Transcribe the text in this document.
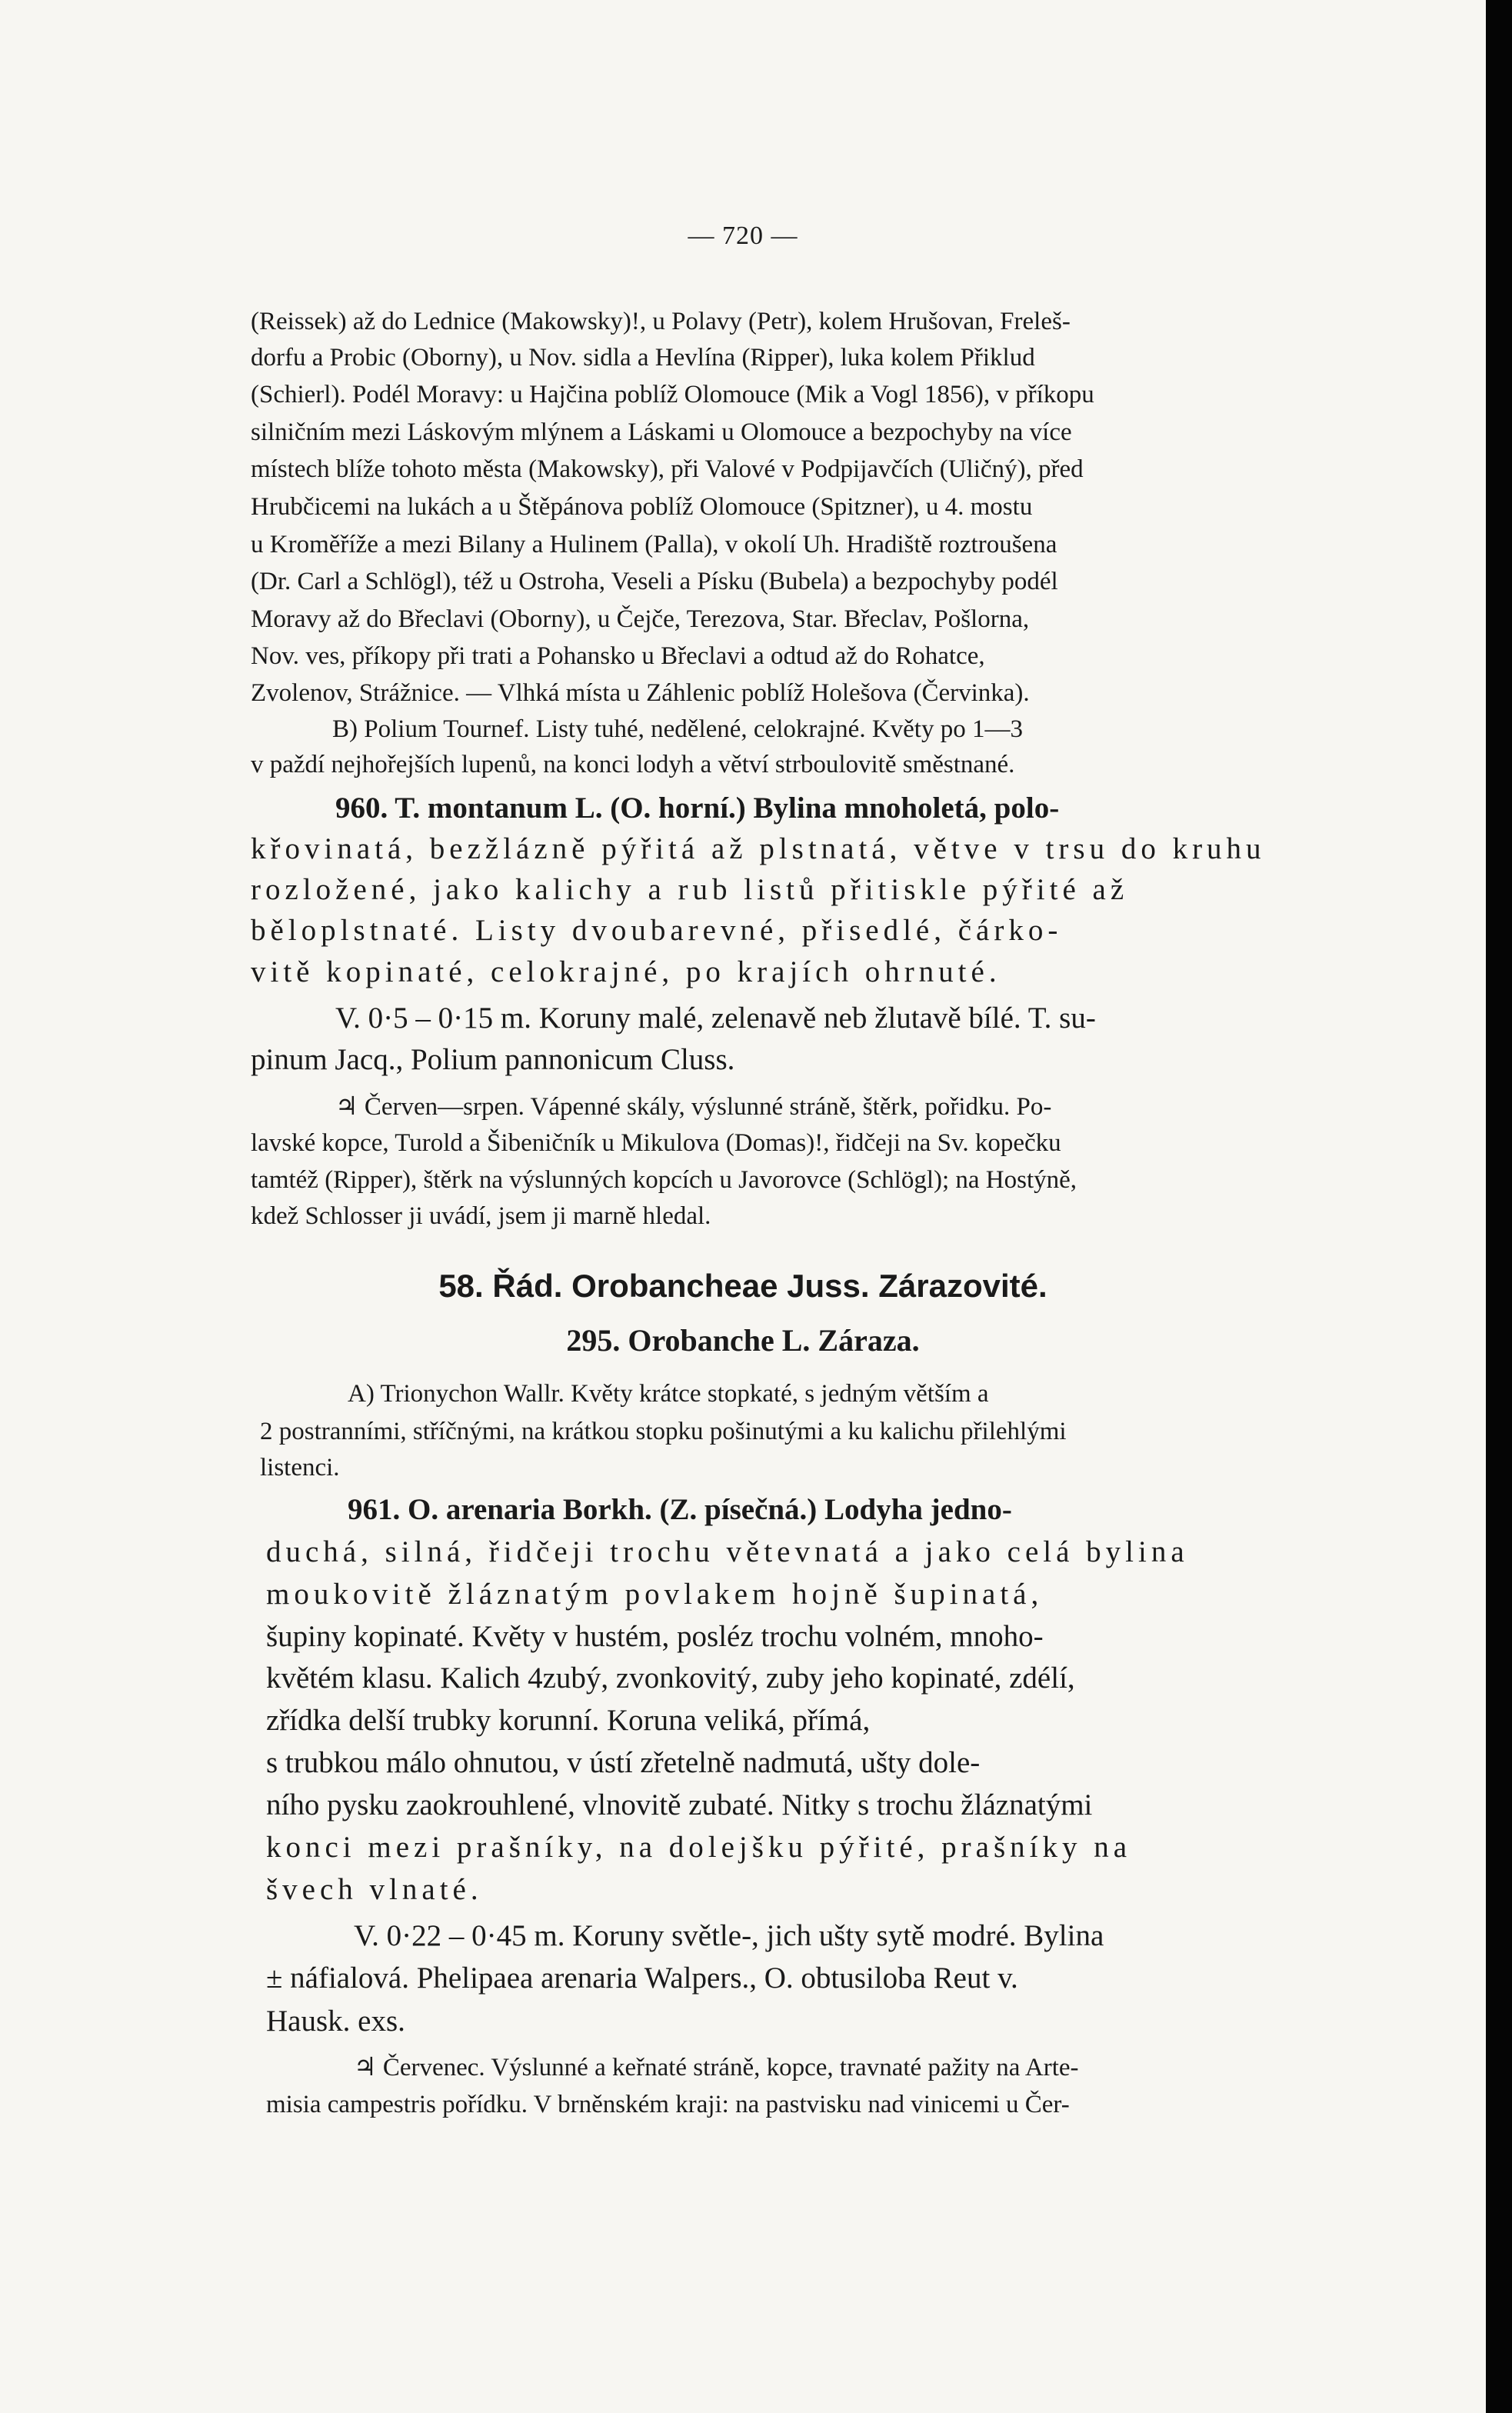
— 720 —
(Reissek) až do Lednice (Makowsky)!, u Polavy (Petr), kolem Hrušovan, Freleš-
dorfu a Probic (Oborny), u Nov. sidla a Hevlína (Ripper), luka kolem Přiklud
(Schierl). Podél Moravy: u Hajčina poblíž Olomouce (Mik a Vogl 1856), v příkopu
silničním mezi Láskovým mlýnem a Láskami u Olomouce a bezpochyby na více
místech blíže tohoto města (Makowsky), při Valové v Podpijavčích (Uličný), před
Hrubčicemi na lukách a u Štěpánova poblíž Olomouce (Spitzner), u 4. mostu
u Kroměříže a mezi Bilany a Hulinem (Palla), v okolí Uh. Hradiště roztroušena
(Dr. Carl a Schlögl), též u Ostroha, Veseli a Písku (Bubela) a bezpochyby podél
Moravy až do Břeclavi (Oborny), u Čejče, Terezova, Star. Břeclav, Pošlorna,
Nov. ves, příkopy při trati a Pohansko u Břeclavi a odtud až do Rohatce,
Zvolenov, Strážnice. — Vlhká místa u Záhlenic poblíž Holešova (Červinka).
B) Polium Tournef. Listy tuhé, nedělené, celokrajné. Květy po 1—3
v paždí nejhořejších lupenů, na konci lodyh a větví strboulovitě směstnané.
960. T. montanum L. (O. horní.) Bylina mnoholetá, polo-
křovinatá, bezžlázně pýřitá až plstnatá, větve v trsu do kruhu
rozložené, jako kalichy a rub listů přitiskle pýřité až
běloplstnaté. Listy dvoubarevné, přisedlé, čárko-
vitě kopinaté, celokrajné, po krajích ohrnuté.
V. 0·5 – 0·15 m. Koruny malé, zelenavě neb žlutavě bílé. T. su-
pinum Jacq., Polium pannonicum Cluss.
♃ Červen—srpen. Vápenné skály, výslunné stráně, štěrk, pořidku. Po-
lavské kopce, Turold a Šibeničník u Mikulova (Domas)!, řidčeji na Sv. kopečku
tamtéž (Ripper), štěrk na výslunných kopcích u Javorovce (Schlögl); na Hostýně,
kdež Schlosser ji uvádí, jsem ji marně hledal.
58. Řád. Orobancheae Juss. Zárazovité.
295. Orobanche L. Záraza.
A) Trionychon Wallr. Květy krátce stopkaté, s jedným větším a
2 postranními, stříčnými, na krátkou stopku pošinutými a ku kalichu přilehlými
listenci.
961. O. arenaria Borkh. (Z. písečná.) Lodyha jedno-
duchá, silná, řidčeji trochu větevnatá a jako celá bylina
moukovitě žláznatým povlakem hojně šupinatá,
šupiny kopinaté. Květy v hustém, posléz trochu volném, mnoho-
květém klasu. Kalich 4zubý, zvonkovitý, zuby jeho kopinaté, zdélí,
zřídka delší trubky korunní. Koruna veliká, přímá,
s trubkou málo ohnutou, v ústí zřetelně nadmutá, ušty dole-
ního pysku zaokrouhlené, vlnovitě zubaté. Nitky s trochu žláznatými
konci mezi prašníky, na dolejšku pýřité, prašníky na
švech vlnaté.
V. 0·22 – 0·45 m. Koruny světle-, jich ušty sytě modré. Bylina
± náfialová. Phelipaea arenaria Walpers., O. obtusiloba Reut v.
Hausk. exs.
♃ Červenec. Výslunné a keřnaté stráně, kopce, travnaté pažity na Arte-
misia campestris pořídku. V brněnském kraji: na pastvisku nad vinicemi u Čer-
